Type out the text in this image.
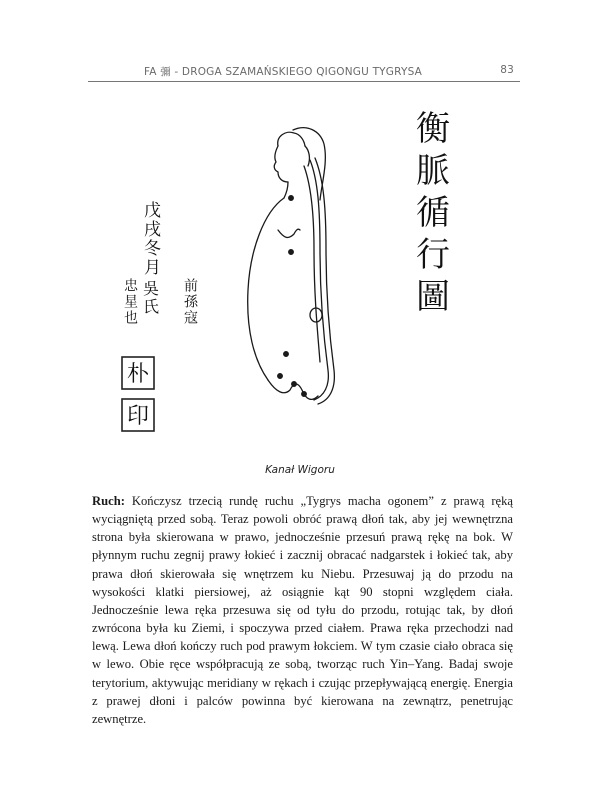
FA 彌 - DROGA SZAMAŃSKIEGO QIGONGU TYGRYSA	83
戊戌冬月
吳氏 前孫寇
忠星也
朴
印
衡
脈
循
行
圖
Kanał Wigoru

Ruch: Kończysz trzecią rundę ruchu „Tygrys macha ogonem” z prawą ręką wyciągniętą przed sobą. Teraz powoli obróć prawą dłoń tak, aby jej wewnętrzna strona była skierowana w prawo, jednocześnie przesuń prawą rękę na bok. W płynnym ruchu zegnij prawy łokieć i zacznij obracać nadgarstek i łokieć tak, aby prawa dłoń skierowała się wnętrzem ku Niebu. Przesuwaj ją do przodu na wysokości klatki piersiowej, aż osiągnie kąt 90 stopni względem ciała. Jednocześnie lewa ręka przesuwa się od tyłu do przodu, rotując tak, by dłoń zwrócona była ku Ziemi, i spoczywa przed ciałem. Prawa ręka przechodzi nad lewą. Lewa dłoń kończy ruch pod prawym łokciem. W tym czasie ciało obraca się w lewo. Obie ręce współpracują ze sobą, tworząc ruch Yin–Yang. Badaj swoje terytorium, aktywując meridiany w rękach i czując przepływającą energię. Energia z prawej dłoni i palców powinna być kierowana na zewnątrz, penetrując zewnętrze.
